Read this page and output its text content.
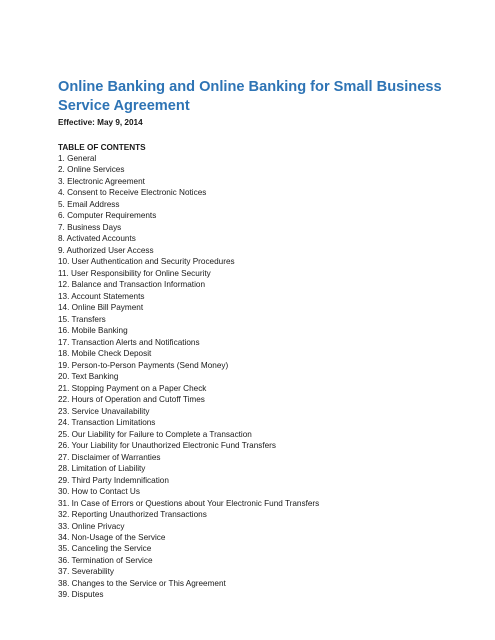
Online Banking and Online Banking for Small Business Service Agreement
Effective: May 9, 2014
TABLE OF CONTENTS
1. General
2. Online Services
3. Electronic Agreement
4. Consent to Receive Electronic Notices
5. Email Address
6. Computer Requirements
7. Business Days
8. Activated Accounts
9. Authorized User Access
10. User Authentication and Security Procedures
11. User Responsibility for Online Security
12. Balance and Transaction Information
13. Account Statements
14. Online Bill Payment
15. Transfers
16. Mobile Banking
17. Transaction Alerts and Notifications
18. Mobile Check Deposit
19. Person-to-Person Payments (Send Money)
20. Text Banking
21. Stopping Payment on a Paper Check
22. Hours of Operation and Cutoff Times
23. Service Unavailability
24. Transaction Limitations
25. Our Liability for Failure to Complete a Transaction
26. Your Liability for Unauthorized Electronic Fund Transfers
27. Disclaimer of Warranties
28. Limitation of Liability
29. Third Party Indemnification
30. How to Contact Us
31. In Case of Errors or Questions about Your Electronic Fund Transfers
32. Reporting Unauthorized Transactions
33. Online Privacy
34. Non-Usage of the Service
35. Canceling the Service
36. Termination of Service
37. Severability
38. Changes to the Service or This Agreement
39. Disputes
